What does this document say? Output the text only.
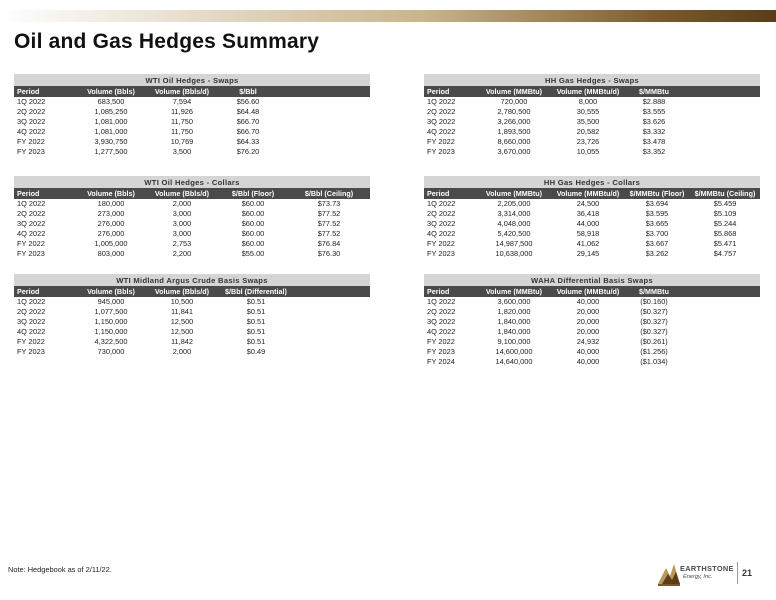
Oil and Gas Hedges Summary
WTI Oil Hedges - Swaps				
Period	Volume (Bbls)	Volume (Bbls/d)	$/Bbl	
1Q 2022	683,500	7,594	$56.60	
2Q 2022	1,085,250	11,926	$64.48	
3Q 2022	1,081,000	11,750	$66.70	
4Q 2022	1,081,000	11,750	$66.70	
FY 2022	3,930,750	10,769	$64.33	
FY 2023	1,277,500	3,500	$76.20	
WTI Oil Hedges - Collars				
Period	Volume (Bbls)	Volume (Bbls/d)	$/Bbl (Floor)	$/Bbl (Ceiling)
1Q 2022	180,000	2,000	$60.00	$73.73
2Q 2022	273,000	3,000	$60.00	$77.52
3Q 2022	276,000	3,000	$60.00	$77.52
4Q 2022	276,000	3,000	$60.00	$77.52
FY 2022	1,005,000	2,753	$60.00	$76.84
FY 2023	803,000	2,200	$55.00	$76.30
WTI Midland Argus Crude Basis Swaps				
Period	Volume (Bbls)	Volume (Bbls/d)	$/Bbl (Differential)	
1Q 2022	945,000	10,500	$0.51	
2Q 2022	1,077,500	11,841	$0.51	
3Q 2022	1,150,000	12,500	$0.51	
4Q 2022	1,150,000	12,500	$0.51	
FY 2022	4,322,500	11,842	$0.51	
FY 2023	730,000	2,000	$0.49	
HH Gas Hedges - Swaps				
Period	Volume (MMBtu)	Volume (MMBtu/d)	$/MMBtu	
1Q 2022	720,000	8,000	$2.888	
2Q 2022	2,780,500	30,555	$3.555	
3Q 2022	3,266,000	35,500	$3.626	
4Q 2022	1,893,500	20,582	$3.332	
FY 2022	8,660,000	23,726	$3.478	
FY 2023	3,670,000	10,055	$3.352	
HH Gas Hedges - Collars				
Period	Volume (MMBtu)	Volume (MMBtu/d)	$/MMBtu (Floor)	$/MMBtu (Ceiling)
1Q 2022	2,205,000	24,500	$3.694	$5.459
2Q 2022	3,314,000	36,418	$3.595	$5.109
3Q 2022	4,048,000	44,000	$3.665	$5.244
4Q 2022	5,420,500	58,918	$3.700	$5.868
FY 2022	14,987,500	41,062	$3.667	$5.471
FY 2023	10,638,000	29,145	$3.262	$4.757
WAHA Differential Basis Swaps				
Period	Volume (MMBtu)	Volume (MMBtu/d)	$/MMBtu	
1Q 2022	3,600,000	40,000	($0.160)	
2Q 2022	1,820,000	20,000	($0.327)	
3Q 2022	1,840,000	20,000	($0.327)	
4Q 2022	1,840,000	20,000	($0.327)	
FY 2022	9,100,000	24,932	($0.261)	
FY 2023	14,600,000	40,000	($1.256)	
FY 2024	14,640,000	40,000	($1.034)	
Note: Hedgebook as of 2/11/22.	EARTHSTONE
Energy, Inc.	21
